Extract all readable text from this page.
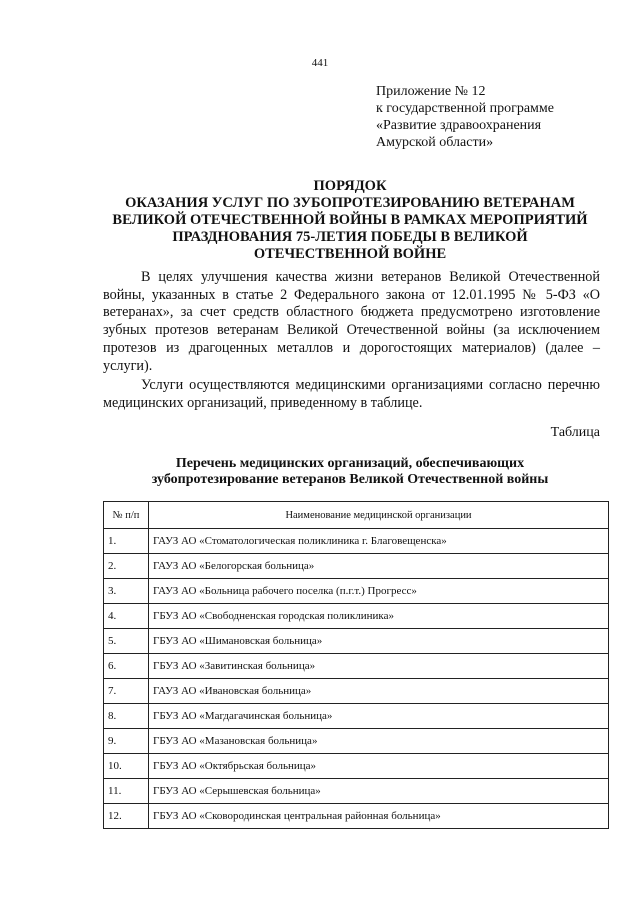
441
Приложение № 12
к государственной программе
«Развитие здравоохранения
Амурской области»
ПОРЯДОК
ОКАЗАНИЯ УСЛУГ ПО ЗУБОПРОТЕЗИРОВАНИЮ ВЕТЕРАНАМ
ВЕЛИКОЙ ОТЕЧЕСТВЕННОЙ ВОЙНЫ В РАМКАХ МЕРОПРИЯТИЙ
ПРАЗДНОВАНИЯ 75-ЛЕТИЯ ПОБЕДЫ В ВЕЛИКОЙ
ОТЕЧЕСТВЕННОЙ ВОЙНЕ
В целях улучшения качества жизни ветеранов Великой Отечественной войны, указанных в статье 2 Федерального закона от 12.01.1995 № 5-ФЗ «О ветеранах», за счет средств областного бюджета предусмотрено изготовление зубных протезов ветеранам Великой Отечественной войны (за исключением протезов из драгоценных металлов и дорогостоящих материалов) (далее – услуги).
Услуги осуществляются медицинскими организациями согласно перечню медицинских организаций, приведенному в таблице.
Таблица
Перечень медицинских организаций, обеспечивающих
зубопротезирование ветеранов Великой Отечественной войны
№ п/п	Наименование медицинской организации
1.	ГАУЗ АО «Стоматологическая поликлиника г. Благовещенска»
2.	ГАУЗ АО «Белогорская больница»
3.	ГАУЗ АО «Больница рабочего поселка (п.г.т.) Прогресс»
4.	ГБУЗ АО «Свободненская городская поликлиника»
5.	ГБУЗ АО «Шимановская больница»
6.	ГБУЗ АО «Завитинская больница»
7.	ГАУЗ АО «Ивановская больница»
8.	ГБУЗ АО «Магдагачинская больница»
9.	ГБУЗ АО «Мазановская больница»
10.	ГБУЗ АО «Октябрьская больница»
11.	ГБУЗ АО «Серышевская больница»
12.	ГБУЗ АО «Сковородинская центральная районная больница»
